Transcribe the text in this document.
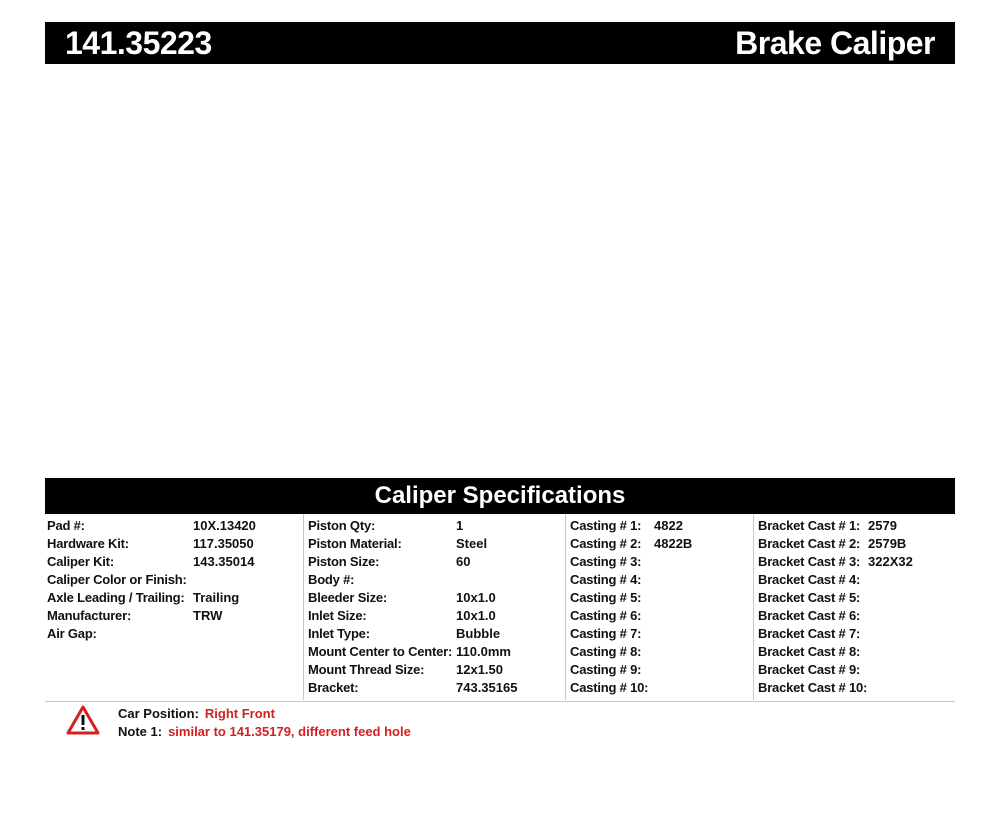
141.35223	Brake Caliper
Caliper Specifications
Pad #:	10X.13420
Hardware Kit:	117.35050
Caliper Kit:	143.35014
Caliper Color or Finish:
Axle Leading / Trailing: Trailing
Manufacturer:	TRW
Air Gap:
Piston Qty:	1
Piston Material:	Steel
Piston Size:	60
Body #:
Bleeder Size:	10x1.0
Inlet Size:	10x1.0
Inlet Type:	Bubble
Mount Center to Center: 110.0mm
Mount Thread Size:	12x1.50
Bracket:	743.35165
Casting # 1: 4822
Casting # 2: 4822B
Casting # 3:
Casting # 4:
Casting # 5:
Casting # 6:
Casting # 7:
Casting # 8:
Casting # 9:
Casting # 10:
Bracket Cast # 1: 2579
Bracket Cast # 2: 2579B
Bracket Cast # 3: 322X32
Bracket Cast # 4:
Bracket Cast # 5:
Bracket Cast # 6:
Bracket Cast # 7:
Bracket Cast # 8:
Bracket Cast # 9:
Bracket Cast # 10:
Car Position: Right Front
Note 1: similar to 141.35179, different feed hole
